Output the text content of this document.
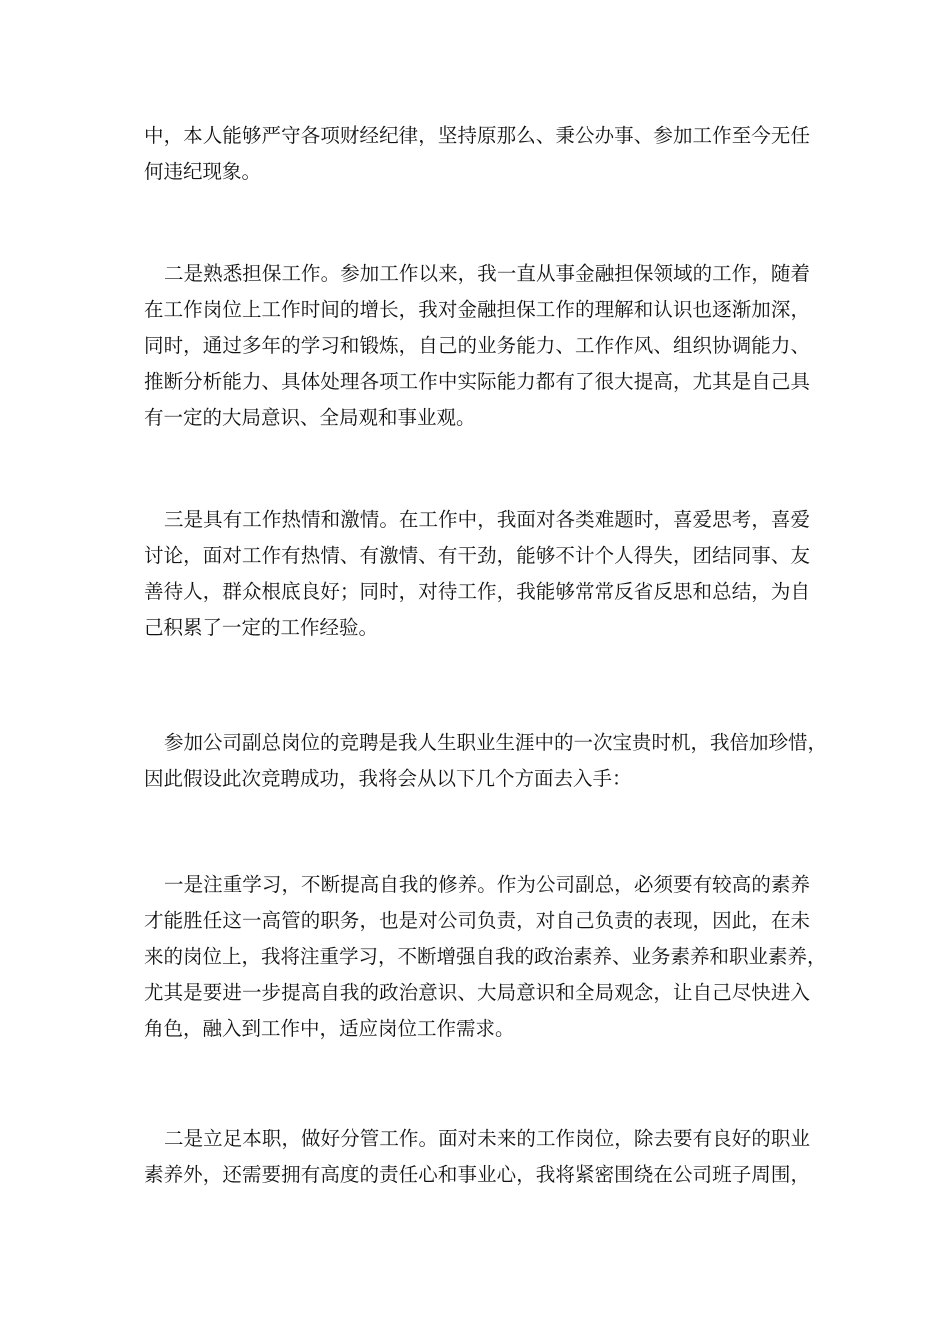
中，本人能够严守各项财经纪律，坚持原那么、秉公办事、参加工作至今无任
何违纪现象。

二是熟悉担保工作。参加工作以来，我一直从事金融担保领域的工作，随着
在工作岗位上工作时间的增长，我对金融担保工作的理解和认识也逐渐加深，
同时，通过多年的学习和锻炼，自己的业务能力、工作作风、组织协调能力、
推断分析能力、具体处理各项工作中实际能力都有了很大提高，尤其是自己具
有一定的大局意识、全局观和事业观。

三是具有工作热情和激情。在工作中，我面对各类难题时，喜爱思考，喜爱
讨论，面对工作有热情、有激情、有干劲，能够不计个人得失，团结同事、友
善待人，群众根底良好；同时，对待工作，我能够常常反省反思和总结，为自
己积累了一定的工作经验。

参加公司副总岗位的竞聘是我人生职业生涯中的一次宝贵时机，我倍加珍惜，
因此假设此次竞聘成功，我将会从以下几个方面去入手：

一是注重学习，不断提高自我的修养。作为公司副总，必须要有较高的素养
才能胜任这一高管的职务，也是对公司负责，对自己负责的表现，因此，在未
来的岗位上，我将注重学习，不断增强自我的政治素养、业务素养和职业素养，
尤其是要进一步提高自我的政治意识、大局意识和全局观念，让自己尽快进入
角色，融入到工作中，适应岗位工作需求。

二是立足本职，做好分管工作。面对未来的工作岗位，除去要有良好的职业
素养外，还需要拥有高度的责任心和事业心，我将紧密围绕在公司班子周围，
